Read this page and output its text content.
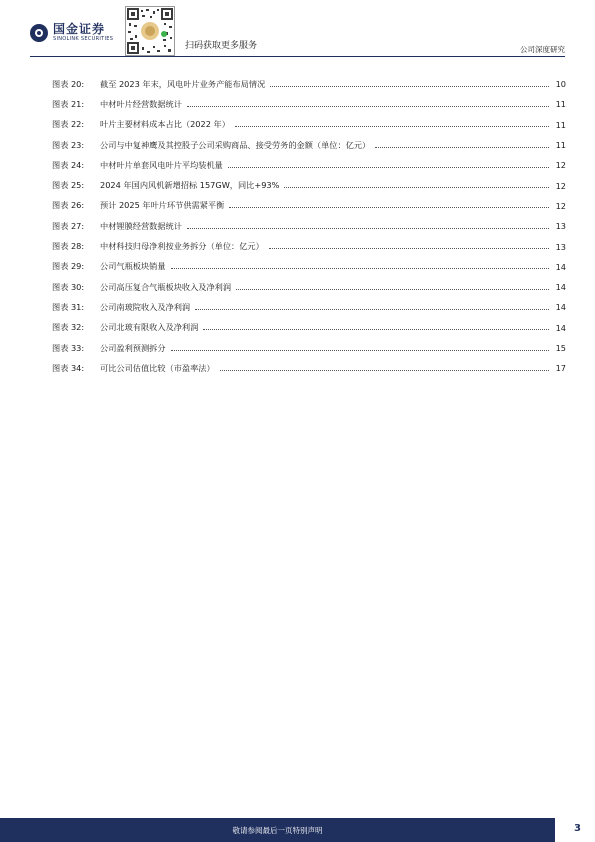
国金证券
SINOLINK SECURITIES
扫码获取更多服务	公司深度研究
图表 20:	截至 2023 年末，风电叶片业务产能布局情况	10
图表 21:	中材叶片经营数据统计	11
图表 22:	叶片主要材料成本占比（2022 年）	11
图表 23:	公司与中复神鹰及其控股子公司采购商品、接受劳务的金额（单位：亿元）	11
图表 24:	中材叶片单套风电叶片平均装机量	12
图表 25:	2024 年国内风机新增招标 157GW，同比+93%	12
图表 26:	预计 2025 年叶片环节供需紧平衡	12
图表 27:	中材锂膜经营数据统计	13
图表 28:	中材科技归母净利按业务拆分（单位：亿元）	13
图表 29:	公司气瓶板块销量	14
图表 30:	公司高压复合气瓶板块收入及净利润	14
图表 31:	公司南玻院收入及净利润	14
图表 32:	公司北玻有限收入及净利润	14
图表 33:	公司盈利预测拆分	15
图表 34:	可比公司估值比较（市盈率法）	17
敬请参阅最后一页特别声明	3
